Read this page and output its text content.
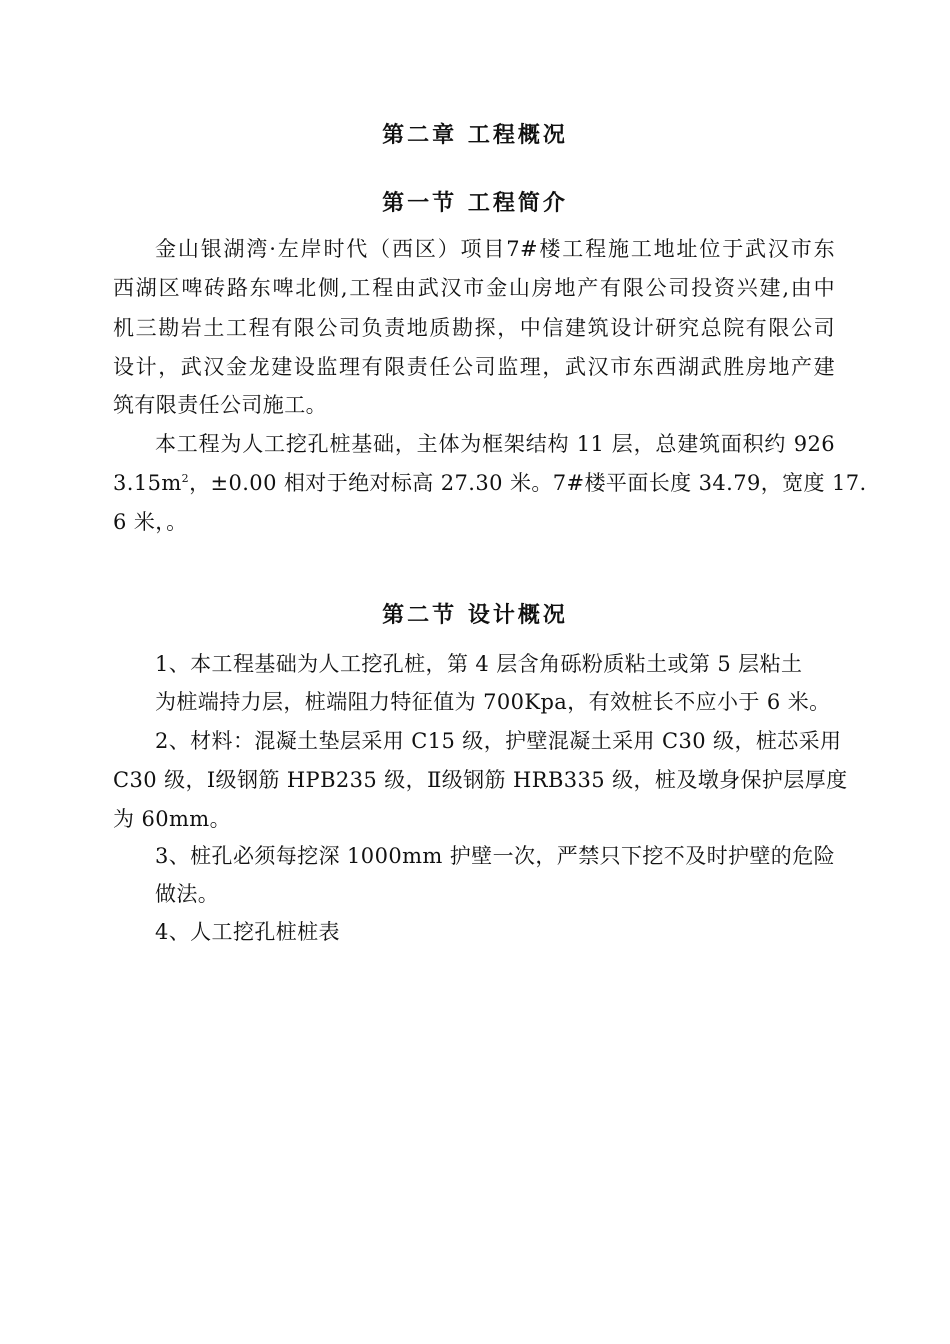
第二章 工程概况
第一节 工程简介
金山银湖湾·左岸时代（西区）项目7#楼工程施工地址位于武汉市东
西湖区啤砖路东啤北侧,工程由武汉市金山房地产有限公司投资兴建,由中
机三勘岩土工程有限公司负责地质勘探，中信建筑设计研究总院有限公司
设计，武汉金龙建设监理有限责任公司监理，武汉市东西湖武胜房地产建
筑有限责任公司施工。
本工程为人工挖孔桩基础，主体为框架结构 11 层，总建筑面积约 926
$3.15m^2$，±0.00 相对于绝对标高 27.30 米。7#楼平面长度 34.79，宽度 17.
6 米，。
第二节 设计概况
1、本工程基础为人工挖孔桩，第 4 层含角砾粉质粘土或第 5 层粘土
为桩端持力层，桩端阻力特征值为 700Kpa，有效桩长不应小于 6 米。
2、材料：混凝土垫层采用 C15 级，护壁混凝土采用 C30 级，桩芯采用
C30 级，Ⅰ级钢筋 HPB235 级，Ⅱ级钢筋 HRB335 级，桩及墩身保护层厚度
为 60mm。
3、桩孔必须每挖深 1000mm 护壁一次，严禁只下挖不及时护壁的危险
做法。
4、人工挖孔桩桩表
